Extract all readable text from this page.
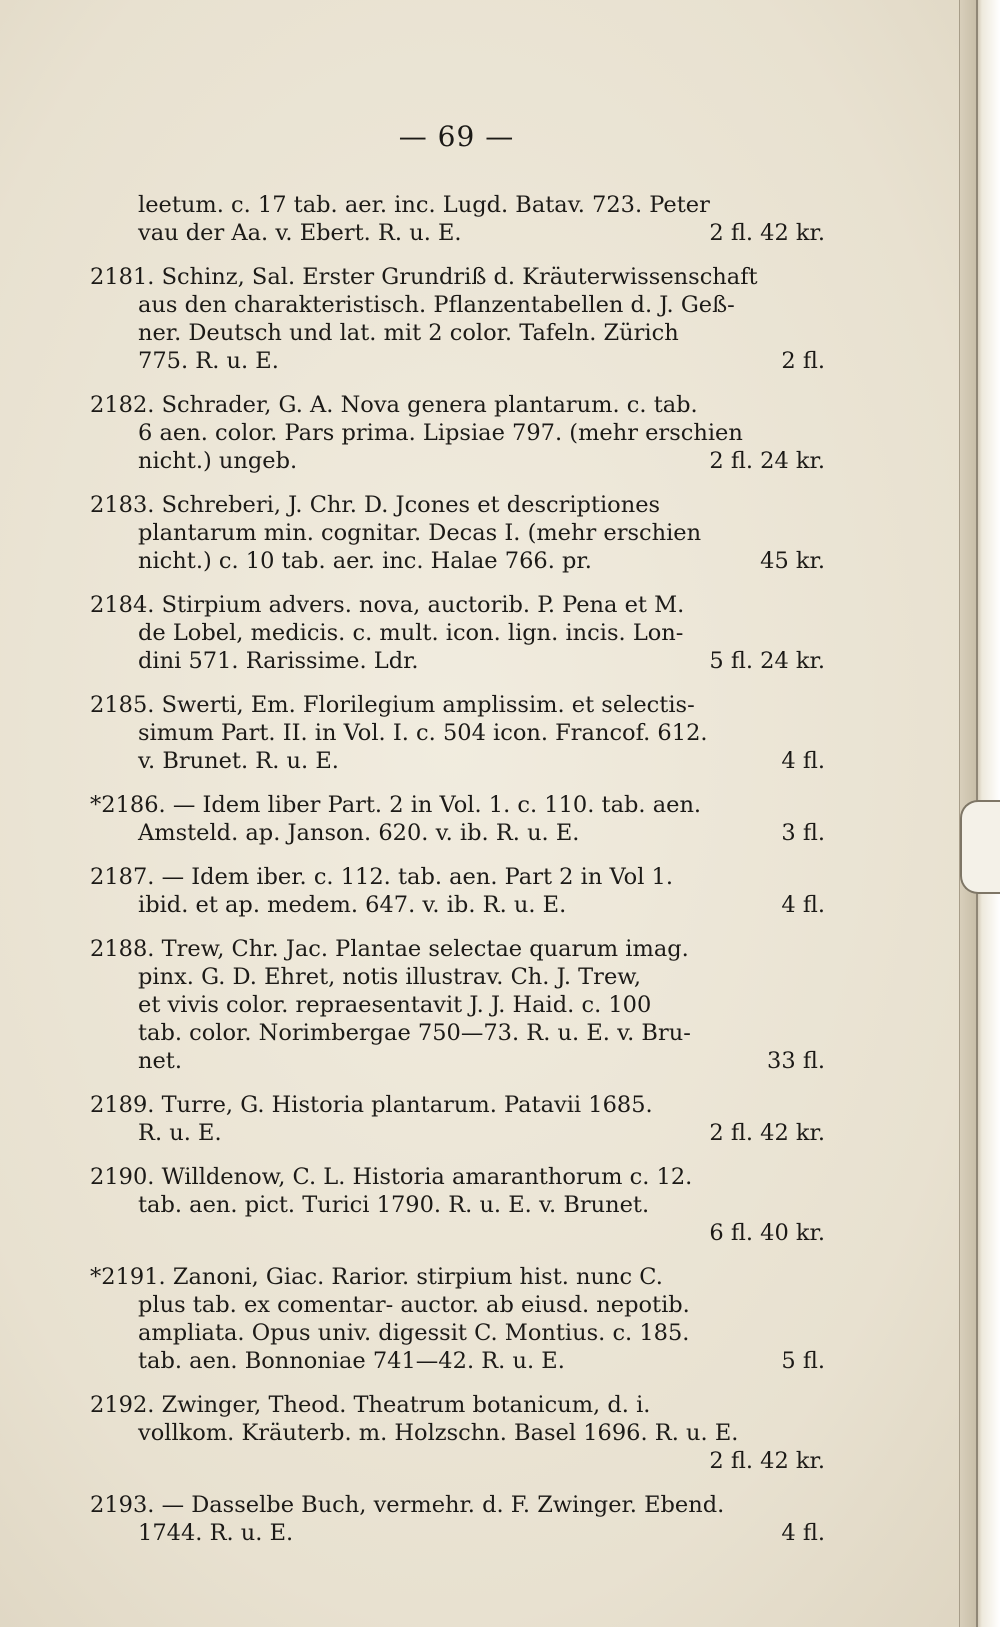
— 69 —

leetum. c. 17 tab. aer. inc. Lugd. Batav. 723. Peter

vau der Aa. v. Ebert. R. u. E.	2 fl. 42 kr.

2181. Schinz, Sal. Erster Grundriß d. Kräuterwissenschaft

aus den charakteristisch. Pflanzentabellen d. J. Geß-

ner. Deutsch und lat. mit 2 color. Tafeln. Zürich

775. R. u. E.	2 fl.

2182. Schrader, G. A. Nova genera plantarum. c. tab.

6 aen. color. Pars prima. Lipsiae 797. (mehr erschien

nicht.) ungeb.	2 fl. 24 kr.

2183. Schreberi, J. Chr. D. Jcones et descriptiones

plantarum min. cognitar. Decas I. (mehr erschien

nicht.) c. 10 tab. aer. inc. Halae 766. pr.	45 kr.

2184. Stirpium advers. nova, auctorib. P. Pena et M.

de Lobel, medicis. c. mult. icon. lign. incis. Lon-

dini 571. Rarissime. Ldr.	5 fl. 24 kr.

2185. Swerti, Em. Florilegium amplissim. et selectis-

simum Part. II. in Vol. I. c. 504 icon. Francof. 612.

v. Brunet. R. u. E.	4 fl.

*2186. — Idem liber Part. 2 in Vol. 1. c. 110. tab. aen.

Amsteld. ap. Janson. 620. v. ib. R. u. E.	3 fl.

2187. — Idem iber. c. 112. tab. aen. Part 2 in Vol 1.

ibid. et ap. medem. 647. v. ib. R. u. E.	4 fl.

2188. Trew, Chr. Jac. Plantae selectae quarum imag.

pinx. G. D. Ehret, notis illustrav. Ch. J. Trew,

et vivis color. repraesentavit J. J. Haid. c. 100

tab. color. Norimbergae 750—73. R. u. E. v. Bru-

net.	33 fl.

2189. Turre, G. Historia plantarum. Patavii 1685.

R. u. E.	2 fl. 42 kr.

2190. Willdenow, C. L. Historia amaranthorum c. 12.

tab. aen. pict. Turici 1790. R. u. E. v. Brunet.

6 fl. 40 kr.

*2191. Zanoni, Giac. Rarior. stirpium hist. nunc C.

plus tab. ex comentar- auctor. ab eiusd. nepotib.

ampliata. Opus univ. digessit C. Montius. c. 185.

tab. aen. Bonnoniae 741—42. R. u. E.	5 fl.

2192. Zwinger, Theod. Theatrum botanicum, d. i.

vollkom. Kräuterb. m. Holzschn. Basel 1696. R. u. E.

2 fl. 42 kr.

2193. — Dasselbe Buch, vermehr. d. F. Zwinger. Ebend.

1744. R. u. E.	4 fl.
